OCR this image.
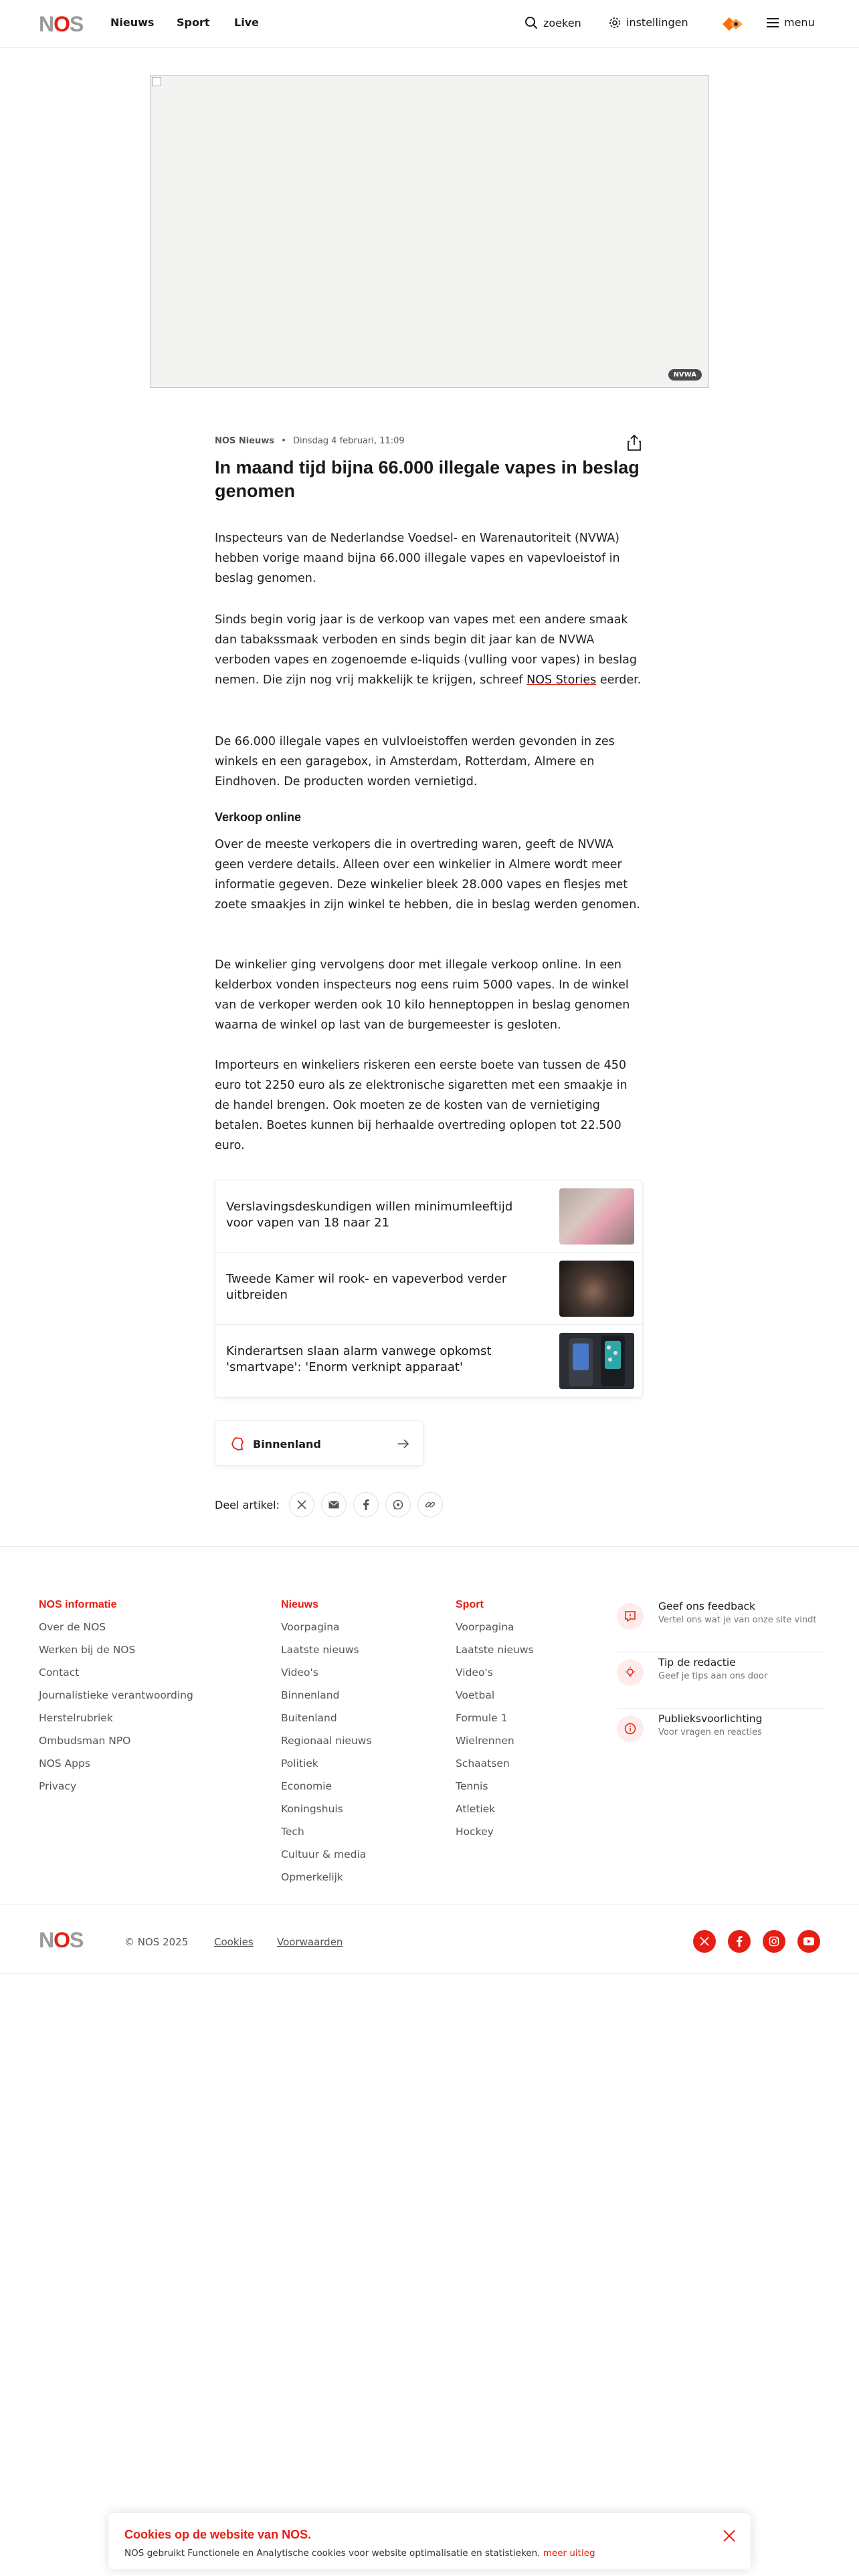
NOS	Nieuws Sport Live	zoeken	instellingen	menu
NVWA
NOS Nieuws • Dinsdag 4 februari, 11:09
In maand tijd bijna 66.000 illegale vapes in beslag genomen

Inspecteurs van de Nederlandse Voedsel- en Warenautoriteit (NVWA) hebben vorige maand bijna 66.000 illegale vapes en vapevloeistof in beslag genomen.

Sinds begin vorig jaar is de verkoop van vapes met een andere smaak dan tabakssmaak verboden en sinds begin dit jaar kan de NVWA verboden vapes en zogenoemde e-liquids (vulling voor vapes) in beslag nemen. Die zijn nog vrij makkelijk te krijgen, schreef NOS Stories eerder.

De 66.000 illegale vapes en vulvloeistoffen werden gevonden in zes winkels en een garagebox, in Amsterdam, Rotterdam, Almere en Eindhoven. De producten worden vernietigd.

Verkoop online

Over de meeste verkopers die in overtreding waren, geeft de NVWA geen verdere details. Alleen over een winkelier in Almere wordt meer informatie gegeven. Deze winkelier bleek 28.000 vapes en flesjes met zoete smaakjes in zijn winkel te hebben, die in beslag werden genomen.

De winkelier ging vervolgens door met illegale verkoop online. In een kelderbox vonden inspecteurs nog eens ruim 5000 vapes. In de winkel van de verkoper werden ook 10 kilo henneptoppen in beslag genomen waarna de winkel op last van de burgemeester is gesloten.

Importeurs en winkeliers riskeren een eerste boete van tussen de 450 euro tot 2250 euro als ze elektronische sigaretten met een smaakje in de handel brengen. Ook moeten ze de kosten van de vernietiging betalen. Boetes kunnen bij herhaalde overtreding oplopen tot 22.500 euro.

Verslavingsdeskundigen willen minimumleeftijd voor vapen van 18 naar 21
Tweede Kamer wil rook- en vapeverbod verder uitbreiden
Kinderartsen slaan alarm vanwege opkomst 'smartvape': 'Enorm verknipt apparaat'
Binnenland
Deel artikel:
NOS informatie
Over de NOS
Werken bij de NOS
Contact
Journalistieke verantwoording
Herstelrubriek
Ombudsman NPO
NOS Apps
Privacy
Nieuws
Voorpagina
Laatste nieuws
Video's
Binnenland
Buitenland
Regionaal nieuws
Politiek
Economie
Koningshuis
Tech
Cultuur & media
Opmerkelijk
Sport
Voorpagina
Laatste nieuws
Video's
Voetbal
Formule 1
Wielrennen
Schaatsen
Tennis
Atletiek
Hockey
Geef ons feedback
Vertel ons wat je van onze site vindt
Tip de redactie
Geef je tips aan ons door
Publieksvoorlichting
Voor vragen en reacties
NOS	© NOS 2025	Cookies Voorwaarden
Cookies op de website van NOS.
NOS gebruikt Functionele en Analytische cookies voor website optimalisatie en statistieken. meer uitleg
